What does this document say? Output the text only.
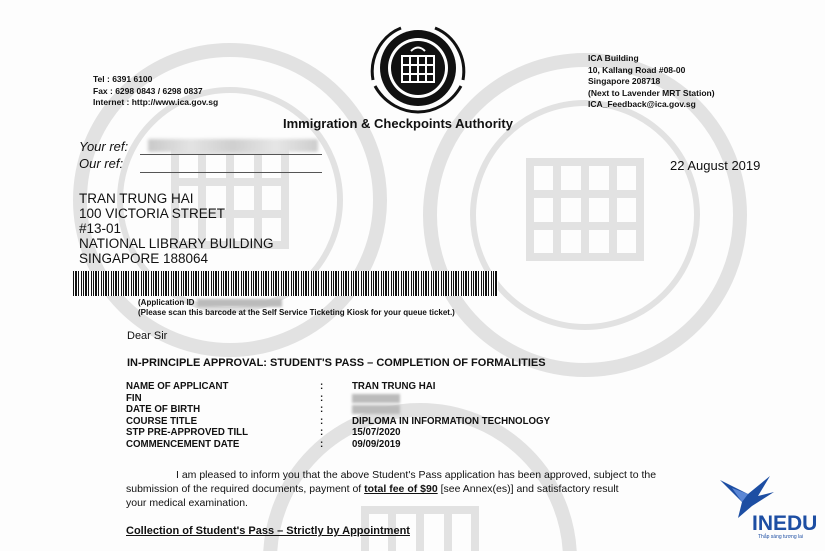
Tel : 6391 6100
Fax : 6298 0843 / 6298 0837
Internet : http://www.ica.gov.sg
ICA Building
10, Kallang Road #08-00
Singapore 208718
(Next to Lavender MRT Station)
ICA_Feedback@ica.gov.sg
Immigration & Checkpoints Authority
Your ref:
Our ref:	22 August 2019
TRAN TRUNG HAI
100 VICTORIA STREET
#13-01
NATIONAL LIBRARY BUILDING
SINGAPORE 188064
(Application ID
(Please scan this barcode at the Self Service Ticketing Kiosk for your queue ticket.)
Dear Sir
IN-PRINCIPLE APPROVAL: STUDENT'S PASS – COMPLETION OF FORMALITIES
NAME OF APPLICANT	:	TRAN TRUNG HAI
FIN	:
DATE OF BIRTH	:
COURSE TITLE	:	DIPLOMA IN INFORMATION TECHNOLOGY
STP PRE-APPROVED TILL	:	15/07/2020
COMMENCEMENT DATE	:	09/09/2019
I am pleased to inform you that the above Student's Pass application has been approved, subject to the
submission of the required documents, payment of total fee of $90 [see Annex(es)] and satisfactory result
your medical examination.
Collection of Student's Pass – Strictly by Appointment	INEDU
Thắp sáng tương lai
